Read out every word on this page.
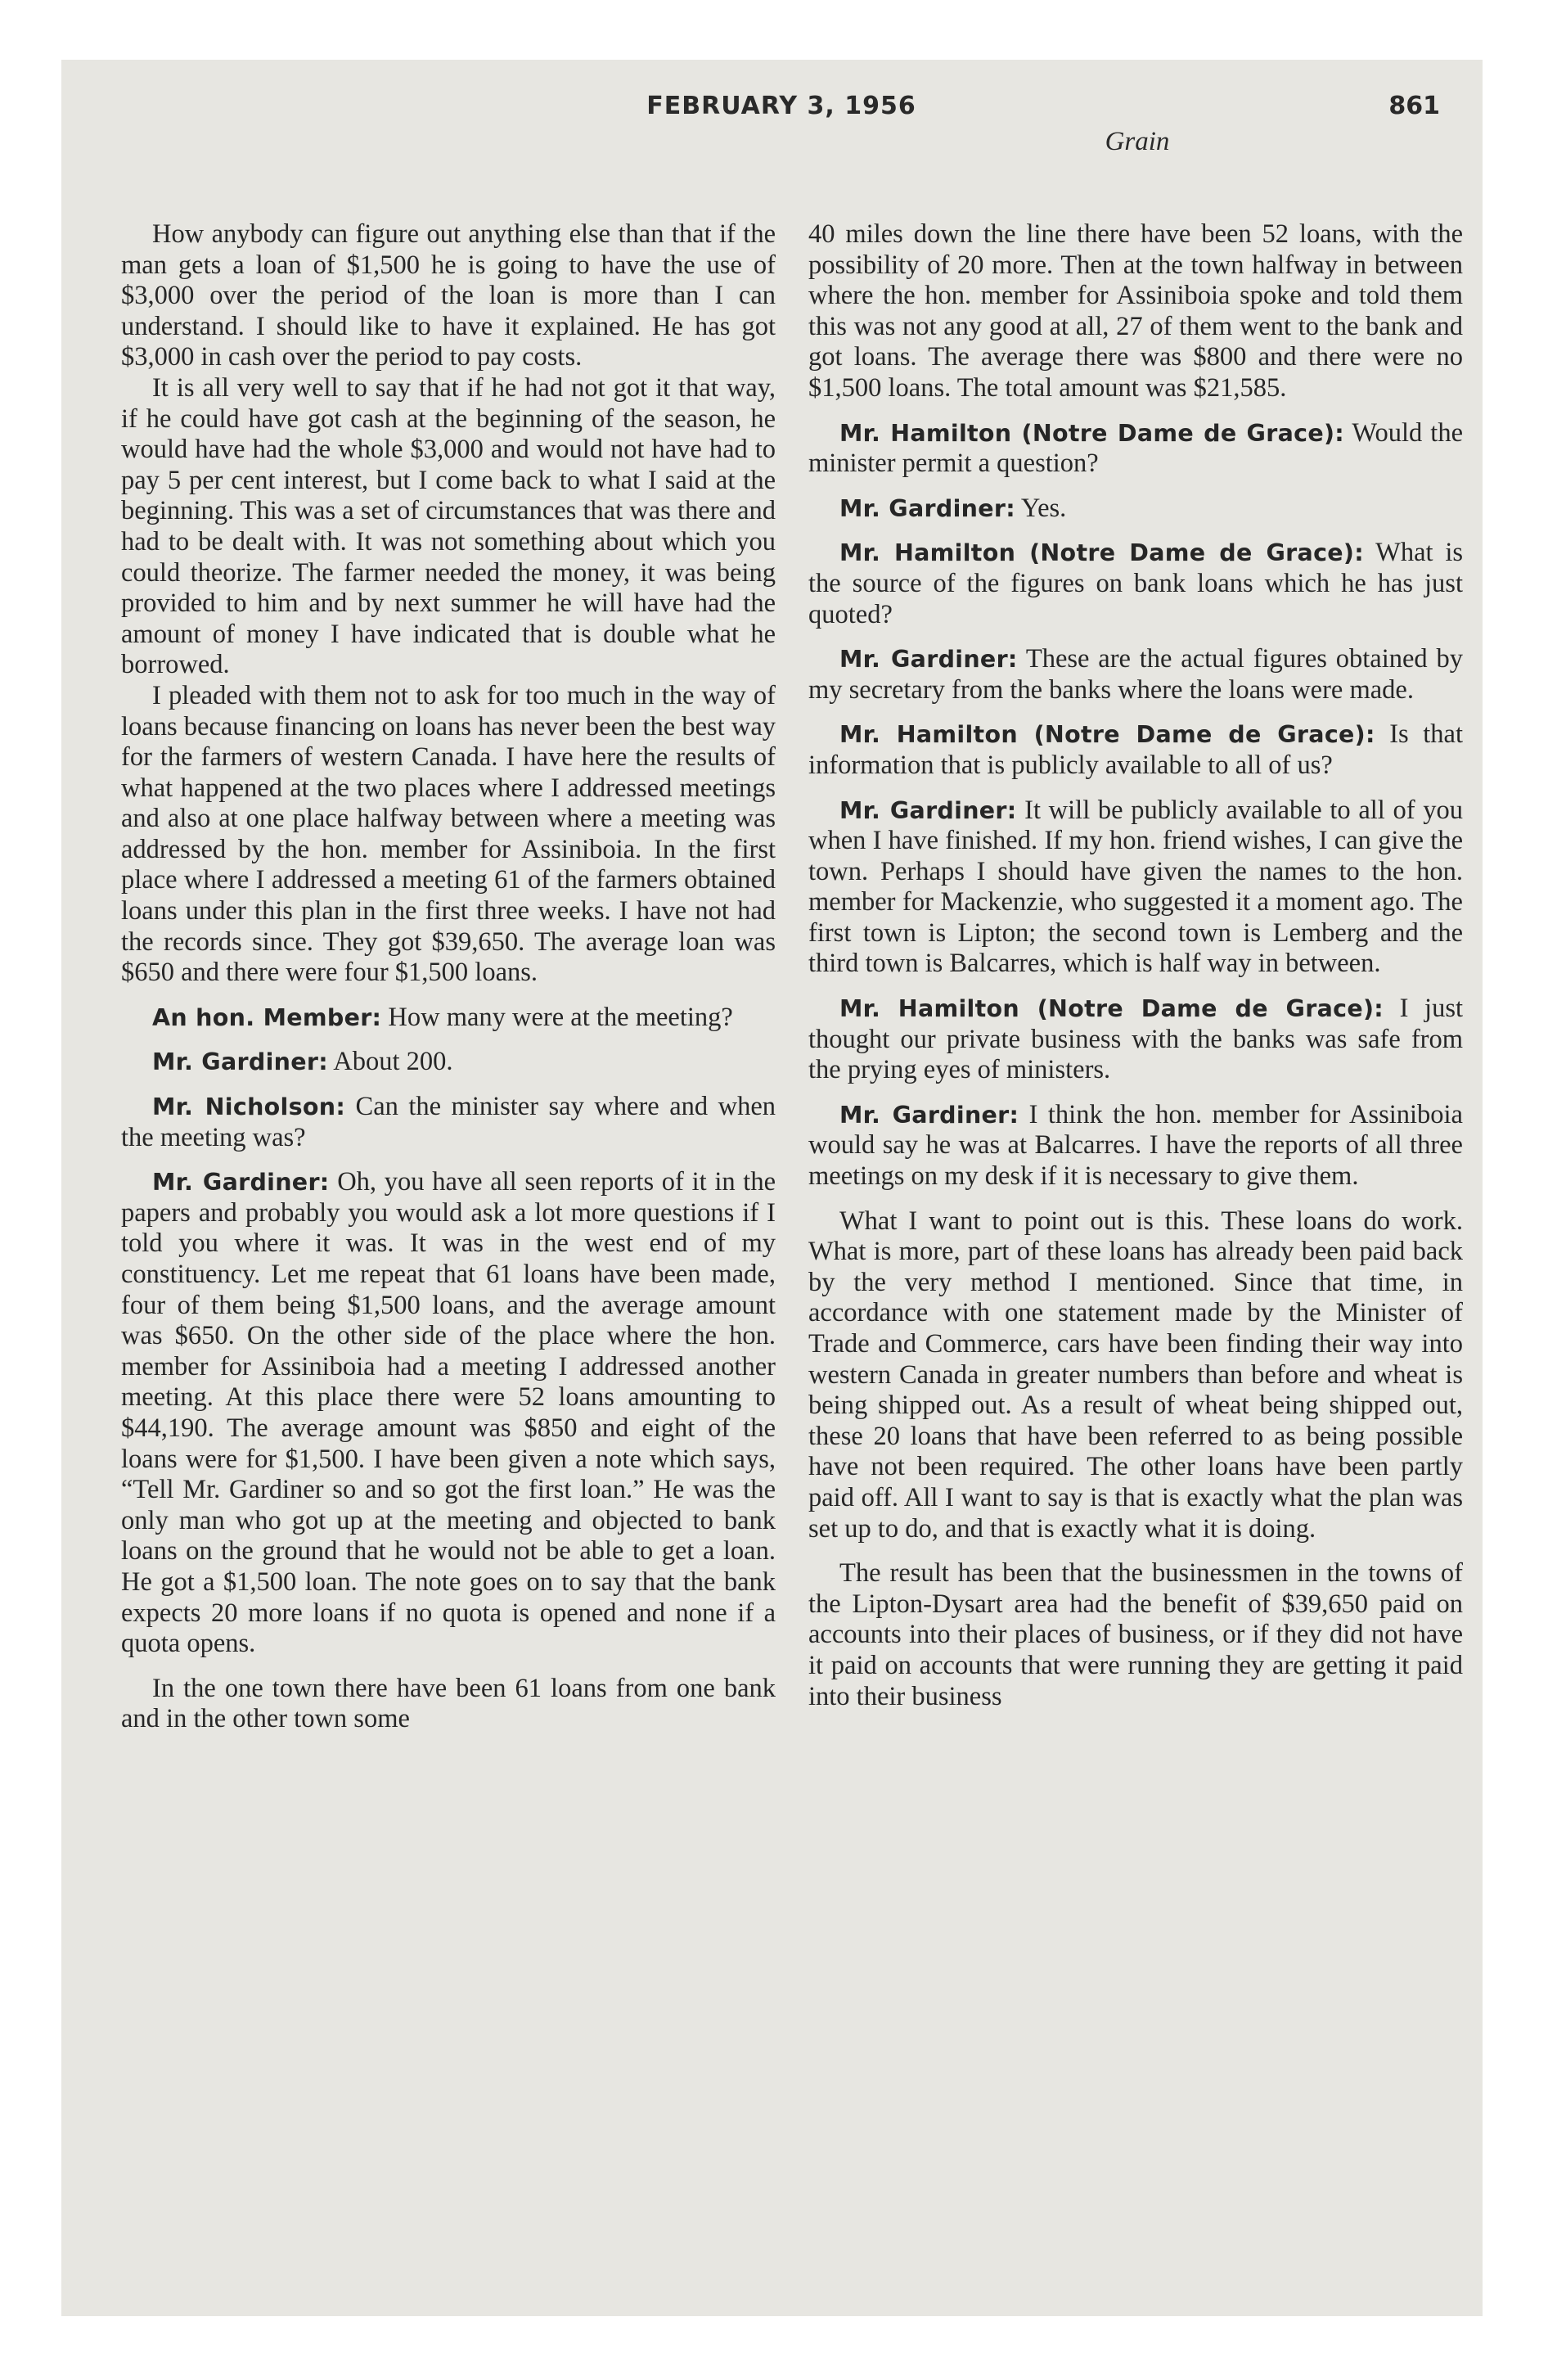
FEBRUARY 3, 1956	861
Grain

How anybody can figure out anything else than that if the man gets a loan of $1,500 he is going to have the use of $3,000 over the period of the loan is more than I can understand. I should like to have it explained. He has got $3,000 in cash over the period to pay costs.

It is all very well to say that if he had not got it that way, if he could have got cash at the beginning of the season, he would have had the whole $3,000 and would not have had to pay 5 per cent interest, but I come back to what I said at the beginning. This was a set of circumstances that was there and had to be dealt with. It was not something about which you could theorize. The farmer needed the money, it was being provided to him and by next summer he will have had the amount of money I have indicated that is double what he borrowed.

I pleaded with them not to ask for too much in the way of loans because financing on loans has never been the best way for the farmers of western Canada. I have here the results of what happened at the two places where I addressed meetings and also at one place halfway between where a meeting was addressed by the hon. member for Assiniboia. In the first place where I addressed a meeting 61 of the farmers obtained loans under this plan in the first three weeks. I have not had the records since. They got $39,650. The average loan was $650 and there were four $1,500 loans.

An hon. Member: How many were at the meeting?

Mr. Gardiner: About 200.

Mr. Nicholson: Can the minister say where and when the meeting was?

Mr. Gardiner: Oh, you have all seen reports of it in the papers and probably you would ask a lot more questions if I told you where it was. It was in the west end of my constituency. Let me repeat that 61 loans have been made, four of them being $1,500 loans, and the average amount was $650. On the other side of the place where the hon. member for Assiniboia had a meeting I addressed another meeting. At this place there were 52 loans amounting to $44,190. The average amount was $850 and eight of the loans were for $1,500. I have been given a note which says, “Tell Mr. Gardiner so and so got the first loan.” He was the only man who got up at the meeting and objected to bank loans on the ground that he would not be able to get a loan. He got a $1,500 loan. The note goes on to say that the bank expects 20 more loans if no quota is opened and none if a quota opens.

In the one town there have been 61 loans from one bank and in the other town some

40 miles down the line there have been 52 loans, with the possibility of 20 more. Then at the town halfway in between where the hon. member for Assiniboia spoke and told them this was not any good at all, 27 of them went to the bank and got loans. The average there was $800 and there were no $1,500 loans. The total amount was $21,585.

Mr. Hamilton (Notre Dame de Grace): Would the minister permit a question?

Mr. Gardiner: Yes.

Mr. Hamilton (Notre Dame de Grace): What is the source of the figures on bank loans which he has just quoted?

Mr. Gardiner: These are the actual figures obtained by my secretary from the banks where the loans were made.

Mr. Hamilton (Notre Dame de Grace): Is that information that is publicly available to all of us?

Mr. Gardiner: It will be publicly available to all of you when I have finished. If my hon. friend wishes, I can give the town. Perhaps I should have given the names to the hon. member for Mackenzie, who suggested it a moment ago. The first town is Lipton; the second town is Lemberg and the third town is Balcarres, which is half way in between.

Mr. Hamilton (Notre Dame de Grace): I just thought our private business with the banks was safe from the prying eyes of ministers.

Mr. Gardiner: I think the hon. member for Assiniboia would say he was at Balcarres. I have the reports of all three meetings on my desk if it is necessary to give them.

What I want to point out is this. These loans do work. What is more, part of these loans has already been paid back by the very method I mentioned. Since that time, in accordance with one statement made by the Minister of Trade and Commerce, cars have been finding their way into western Canada in greater numbers than before and wheat is being shipped out. As a result of wheat being shipped out, these 20 loans that have been referred to as being possible have not been required. The other loans have been partly paid off. All I want to say is that is exactly what the plan was set up to do, and that is exactly what it is doing.

The result has been that the businessmen in the towns of the Lipton-Dysart area had the benefit of $39,650 paid on accounts into their places of business, or if they did not have it paid on accounts that were running they are getting it paid into their business
